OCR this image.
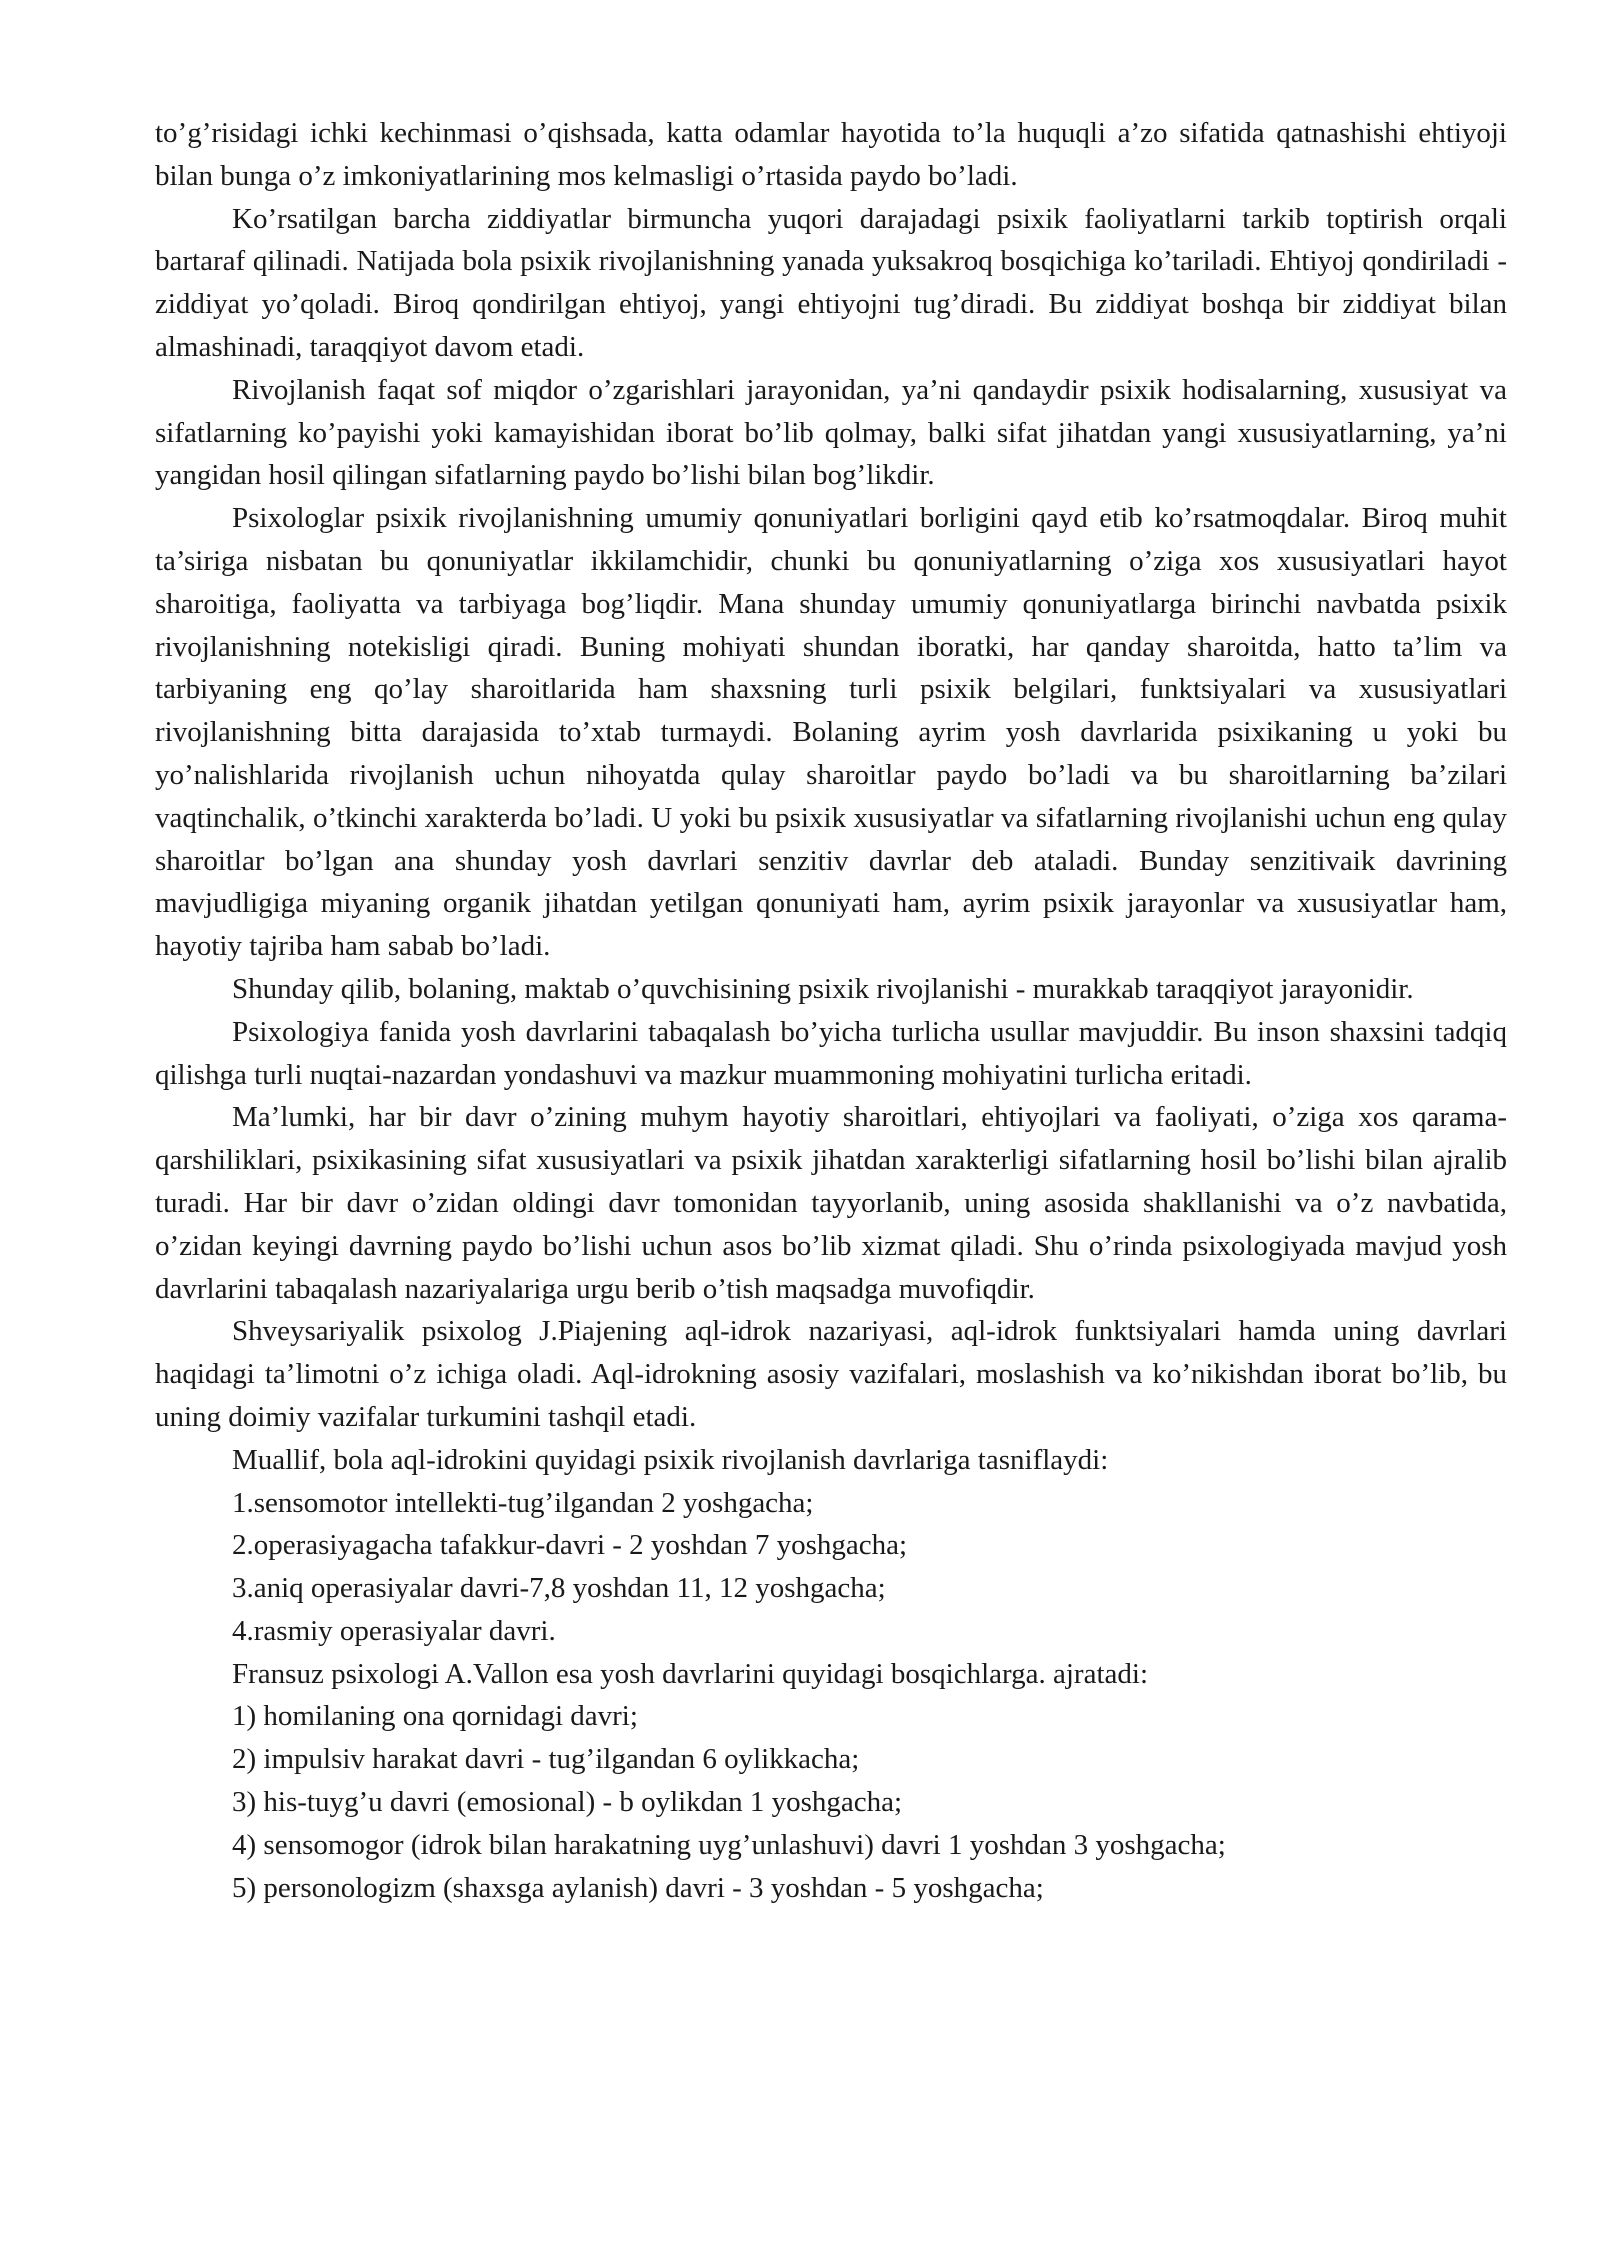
to’g’risidagi ichki kechinmasi o’qishsada, katta odamlar hayotida to’la huquqli a’zo sifatida qatnashishi ehtiyoji bilan bunga o’z imkoniyatlarining mos kelmasligi o’rtasida paydo bo’ladi.

Ko’rsatilgan barcha ziddiyatlar birmuncha yuqori darajadagi psixik faoliyatlarni tarkib toptirish orqali bartaraf qilinadi. Natijada bola psixik rivojlanishning yanada yuksakroq bosqichiga ko’tariladi. Ehtiyoj qondiriladi - ziddiyat yo’qoladi. Biroq qondirilgan ehtiyoj, yangi ehtiyojni tug’diradi. Bu ziddiyat boshqa bir ziddiyat bilan almashinadi, taraqqiyot davom etadi.

Rivojlanish faqat sof miqdor o’zgarishlari jarayonidan, ya’ni qandaydir psixik hodisalarning, xususiyat va sifatlarning ko’payishi yoki kamayishidan iborat bo’lib qolmay, balki sifat jihatdan yangi xususiyatlarning, ya’ni yangidan hosil qilingan sifatlarning paydo bo’lishi bilan bog’likdir.

Psixologlar psixik rivojlanishning umumiy qonuniyatlari borligini qayd etib ko’rsatmoqdalar. Biroq muhit ta’siriga nisbatan bu qonuniyatlar ikkilamchidir, chunki bu qonuniyatlarning o’ziga xos xususiyatlari hayot sharoitiga, faoliyatta va tarbiyaga bog’liqdir. Mana shunday umumiy qonuniyatlarga birinchi navbatda psixik rivojlanishning notekisligi qiradi. Buning mohiyati shundan iboratki, har qanday sharoitda, hatto ta’lim va tarbiyaning eng qo’lay sharoitlarida ham shaxsning turli psixik belgilari, funktsiyalari va xususiyatlari rivojlanishning bitta darajasida to’xtab turmaydi. Bolaning ayrim yosh davrlarida psixikaning u yoki bu yo’nalishlarida rivojlanish uchun nihoyatda qulay sharoitlar paydo bo’ladi va bu sharoitlarning ba’zilari vaqtinchalik, o’tkinchi xarakterda bo’ladi. U yoki bu psixik xususiyatlar va sifatlarning rivojlanishi uchun eng qulay sharoitlar bo’lgan ana shunday yosh davrlari senzitiv davrlar deb ataladi. Bunday senzitivaik davrining mavjudligiga miyaning organik jihatdan yetilgan qonuniyati ham, ayrim psixik jarayonlar va xususiyatlar ham, hayotiy tajriba ham sabab bo’ladi.

Shunday qilib, bolaning, maktab o’quvchisining psixik rivojlanishi - murakkab taraqqiyot jarayonidir.

Psixologiya fanida yosh davrlarini tabaqalash bo’yicha turlicha usullar mavjuddir. Bu inson shaxsini tadqiq qilishga turli nuqtai-nazardan yondashuvi va mazkur muammoning mohiyatini turlicha eritadi.

Ma’lumki, har bir davr o’zining muhym hayotiy sharoitlari, ehtiyojlari va faoliyati, o’ziga xos qarama-qarshiliklari, psixikasining sifat xususiyatlari va psixik jihatdan xarakterligi sifatlarning hosil bo’lishi bilan ajralib turadi. Har bir davr o’zidan oldingi davr tomonidan tayyorlanib, uning asosida shakllanishi va o’z navbatida, o’zidan keyingi davrning paydo bo’lishi uchun asos bo’lib xizmat qiladi. Shu o’rinda psixologiyada mavjud yosh davrlarini tabaqalash nazariyalariga urgu berib o’tish maqsadga muvofiqdir.

Shveysariyalik psixolog J.Piajening aql-idrok nazariyasi, aql-idrok funktsiyalari hamda uning davrlari haqidagi ta’limotni o’z ichiga oladi. Aql-idrokning asosiy vazifalari, moslashish va ko’nikishdan iborat bo’lib, bu uning doimiy vazifalar turkumini tashqil etadi.

Muallif, bola aql-idrokini quyidagi psixik rivojlanish davrlariga tasniflaydi:

1.sensomotor intellekti-tug’ilgandan 2 yoshgacha;

2.operasiyagacha tafakkur-davri - 2 yoshdan 7 yoshgacha;

3.aniq operasiyalar davri-7,8 yoshdan 11, 12 yoshgacha;

4.rasmiy operasiyalar davri.

Fransuz psixologi A.Vallon esa yosh davrlarini quyidagi bosqichlarga. ajratadi:

1) homilaning ona qornidagi davri;

2) impulsiv harakat davri - tug’ilgandan 6 oylikkacha;

3) his-tuyg’u davri (emosional) - b oylikdan 1 yoshgacha;

4) sensomogor (idrok bilan harakatning uyg’unlashuvi) davri 1 yoshdan 3 yoshgacha;

5) personologizm (shaxsga aylanish) davri - 3 yoshdan - 5 yoshgacha;
